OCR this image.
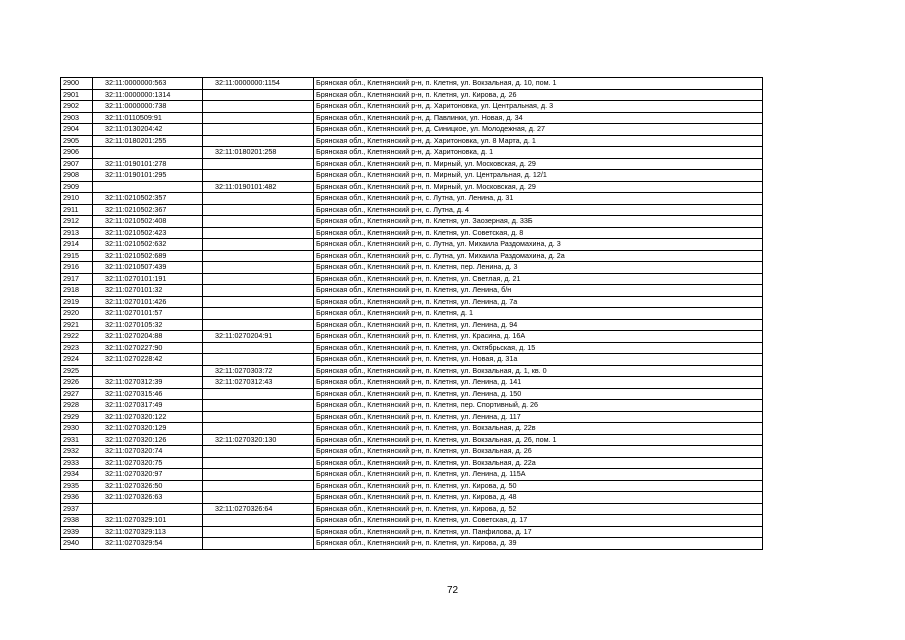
2900	32:11:0000000:563	32:11:0000000:1154	Брянская обл., Клетнянский р-н, п. Клетня, ул. Вокзальная, д. 10, пом. 1
2901	32:11:0000000:1314		Брянская обл., Клетнянский р-н, п. Клетня, ул. Кирова, д. 26
2902	32:11:0000000:738		Брянская обл., Клетнянский р-н, д. Харитоновка, ул. Центральная, д. 3
2903	32:11:0110509:91		Брянская обл., Клетнянский р-н, д. Павлинки, ул. Новая, д. 34
2904	32:11:0130204:42		Брянская обл., Клетнянский р-н, д. Синицкое, ул. Молодежная, д. 27
2905	32:11:0180201:255		Брянская обл., Клетнянский р-н, д. Харитоновка, ул. 8 Марта, д. 1
2906		32:11:0180201:258	Брянская обл., Клетнянский р-н, д. Харитоновка, д. 1
2907	32:11:0190101:278		Брянская обл., Клетнянский р-н, п. Мирный, ул. Московская, д. 29
2908	32:11:0190101:295		Брянская обл., Клетнянский р-н, п. Мирный, ул. Центральная, д. 12/1
2909		32:11:0190101:482	Брянская обл., Клетнянский р-н, п. Мирный, ул. Московская, д. 29
2910	32:11:0210502:357		Брянская обл., Клетнянский р-н, с. Лутна, ул. Ленина, д. 31
2911	32:11:0210502:367		Брянская обл., Клетнянский р-н, с. Лутна, д. 4
2912	32:11:0210502:408		Брянская обл., Клетнянский р-н, п. Клетня, ул. Заозерная, д. 33Б
2913	32:11:0210502:423		Брянская обл., Клетнянский р-н, п. Клетня, ул. Советская, д. 8
2914	32:11:0210502:632		Брянская обл., Клетнянский р-н, с. Лутна, ул. Михаила Раздомахина, д. 3
2915	32:11:0210502:689		Брянская обл., Клетнянский р-н, с. Лутна, ул. Михаила Раздомахина, д. 2а
2916	32:11:0210507:439		Брянская обл., Клетнянский р-н, п. Клетня, пер. Ленина, д. 3
2917	32:11:0270101:191		Брянская обл., Клетнянский р-н, п. Клетня, ул. Светлая, д. 21
2918	32:11:0270101:32		Брянская обл., Клетнянский р-н, п. Клетня, ул. Ленина, б/н
2919	32:11:0270101:426		Брянская обл., Клетнянский р-н, п. Клетня, ул. Ленина, д. 7а
2920	32:11:0270101:57		Брянская обл., Клетнянский р-н, п. Клетня, д. 1
2921	32:11:0270105:32		Брянская обл., Клетнянский р-н, п. Клетня, ул. Ленина, д. 94
2922	32:11:0270204:88	32:11:0270204:91	Брянская обл., Клетнянский р-н, п. Клетня, ул. Красина, д. 16А
2923	32:11:0270227:90		Брянская обл., Клетнянский р-н, п. Клетня, ул. Октябрьская, д. 15
2924	32:11:0270228:42		Брянская обл., Клетнянский р-н, п. Клетня, ул. Новая, д. 31а
2925		32:11:0270303:72	Брянская обл., Клетнянский р-н, п. Клетня, ул. Вокзальная, д. 1, кв. 0
2926	32:11:0270312:39	32:11:0270312:43	Брянская обл., Клетнянский р-н, п. Клетня, ул. Ленина, д. 141
2927	32:11:0270315:46		Брянская обл., Клетнянский р-н, п. Клетня, ул. Ленина, д. 150
2928	32:11:0270317:49		Брянская обл., Клетнянский р-н, п. Клетня, пер. Спортивный, д. 26
2929	32:11:0270320:122		Брянская обл., Клетнянский р-н, п. Клетня, ул. Ленина, д. 117
2930	32:11:0270320:129		Брянская обл., Клетнянский р-н, п. Клетня, ул. Вокзальная, д. 22в
2931	32:11:0270320:126	32:11:0270320:130	Брянская обл., Клетнянский р-н, п. Клетня, ул. Вокзальная, д. 26, пом. 1
2932	32:11:0270320:74		Брянская обл., Клетнянский р-н, п. Клетня, ул. Вокзальная, д. 26
2933	32:11:0270320:75		Брянская обл., Клетнянский р-н, п. Клетня, ул. Вокзальная, д. 22а
2934	32:11:0270320:97		Брянская обл., Клетнянский р-н, п. Клетня, ул. Ленина, д. 115А
2935	32:11:0270326:50		Брянская обл., Клетнянский р-н, п. Клетня, ул. Кирова, д. 50
2936	32:11:0270326:63		Брянская обл., Клетнянский р-н, п. Клетня, ул. Кирова, д. 48
2937		32:11:0270326:64	Брянская обл., Клетнянский р-н, п. Клетня, ул. Кирова, д. 52
2938	32:11:0270329:101		Брянская обл., Клетнянский р-н, п. Клетня, ул. Советская, д. 17
2939	32:11:0270329:113		Брянская обл., Клетнянский р-н, п. Клетня, ул. Панфилова, д. 17
2940	32:11:0270329:54		Брянская обл., Клетнянский р-н, п. Клетня, ул. Кирова, д. 39
72
